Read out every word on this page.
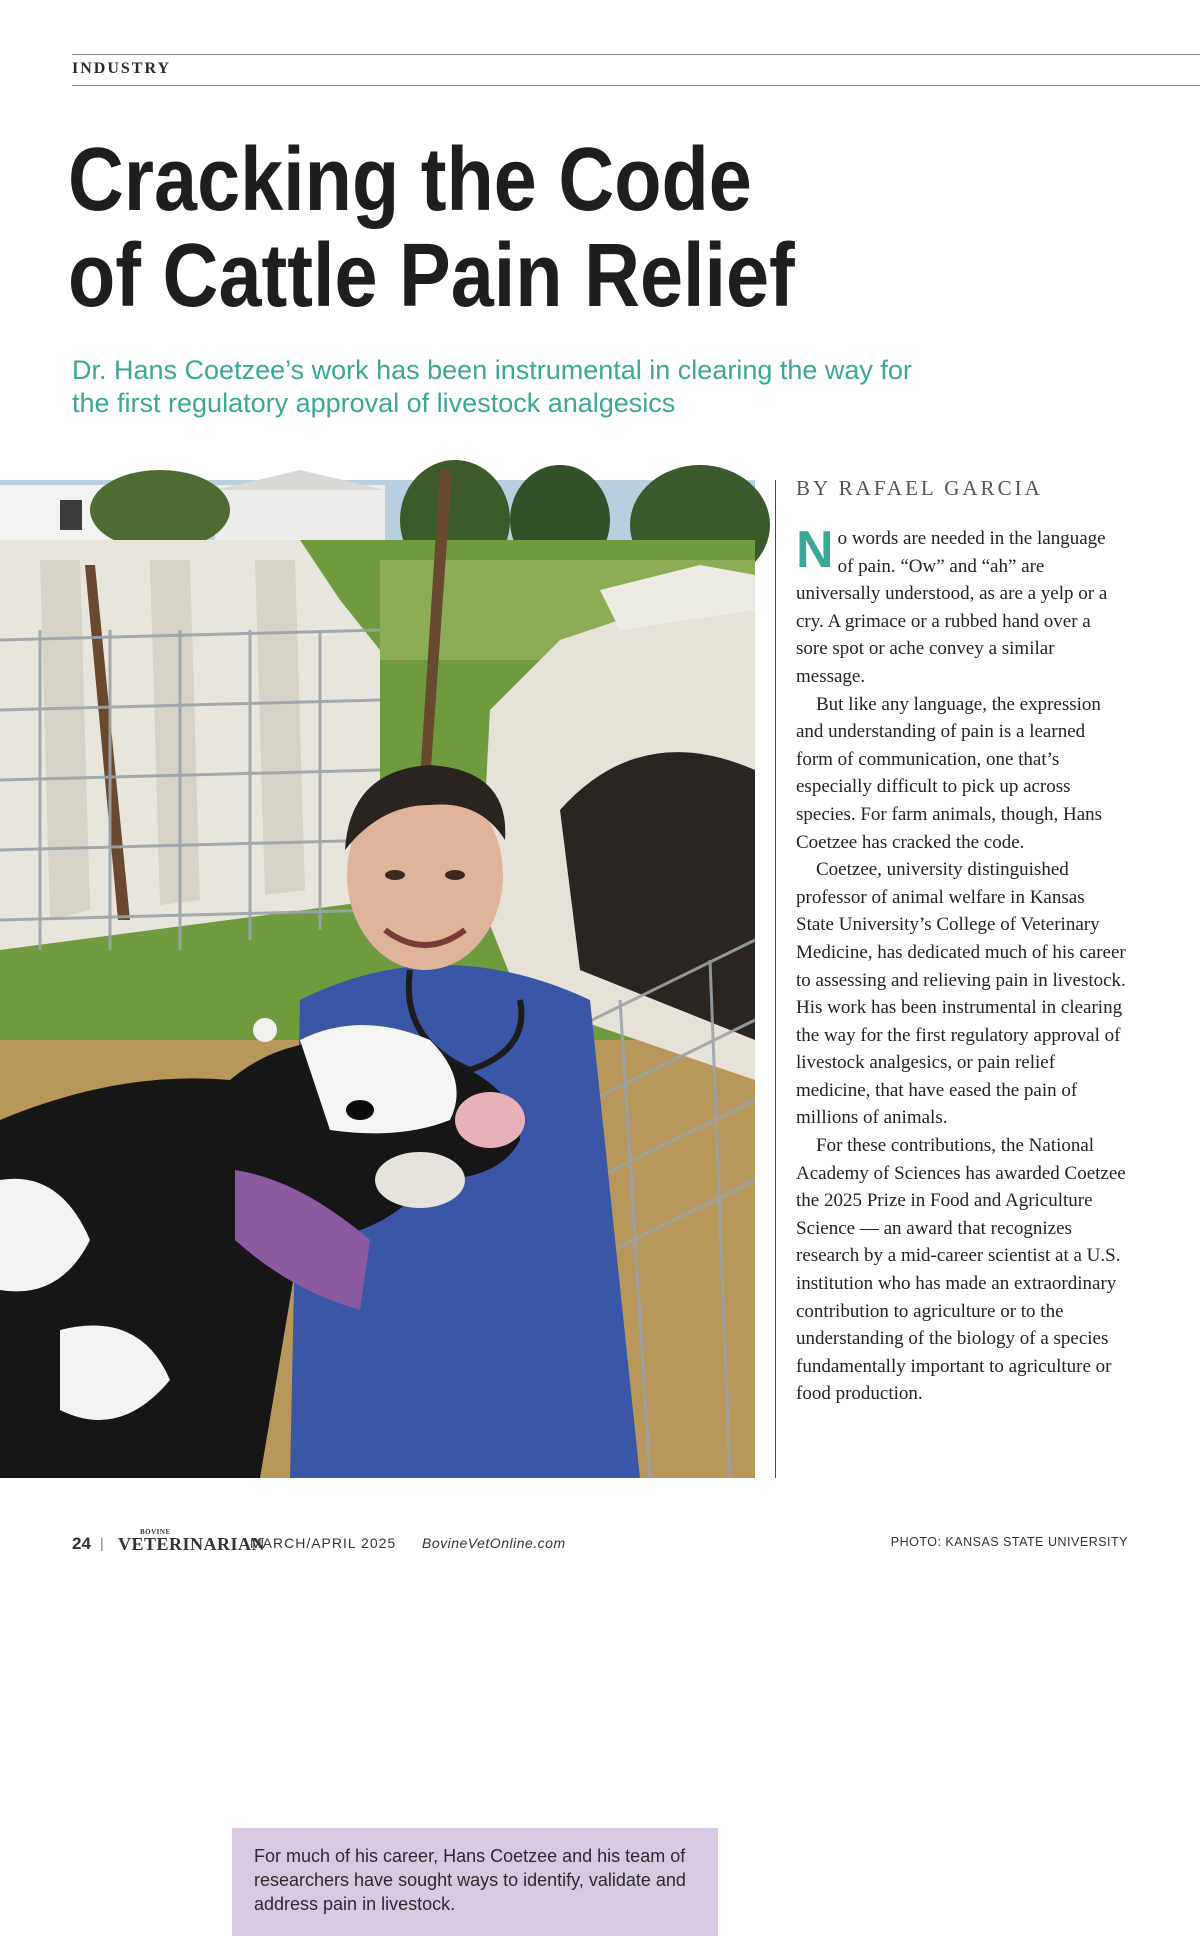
INDUSTRY
Cracking the Code
of Cattle Pain Relief

Dr. Hans Coetzee’s work has been instrumental in clearing the way for
the first regulatory approval of livestock analgesics

For much of his career, Hans Coetzee and his team of researchers have sought ways to identify, validate and address pain in livestock.
BY RAFAEL GARCIA

No words are needed in the language of pain. “Ow” and “ah” are universally understood, as are a yelp or a cry. A grimace or a rubbed hand over a sore spot or ache convey a similar message.

But like any language, the expression and understanding of pain is a learned form of communication, one that’s especially difficult to pick up across species. For farm animals, though, Hans Coetzee has cracked the code.

Coetzee, university distinguished professor of animal welfare in Kansas State University’s College of Veterinary Medicine, has dedicated much of his career to assessing and relieving pain in livestock. His work has been instrumental in clearing the way for the first regulatory approval of livestock analgesics, or pain relief medicine, that have eased the pain of millions of animals.

For these contributions, the National Academy of Sciences has awarded Coetzee the 2025 Prize in Food and Agriculture Science — an award that recognizes research by a mid-career scientist at a U.S. institution who has made an extraordinary contribution to agriculture or to the understanding of the biology of a species fundamentally important to agriculture or food production.

24 |
BOVINE
VETERINARIAN
MARCH/APRIL 2025 BovineVetOnline.com	PHOTO: KANSAS STATE UNIVERSITY
